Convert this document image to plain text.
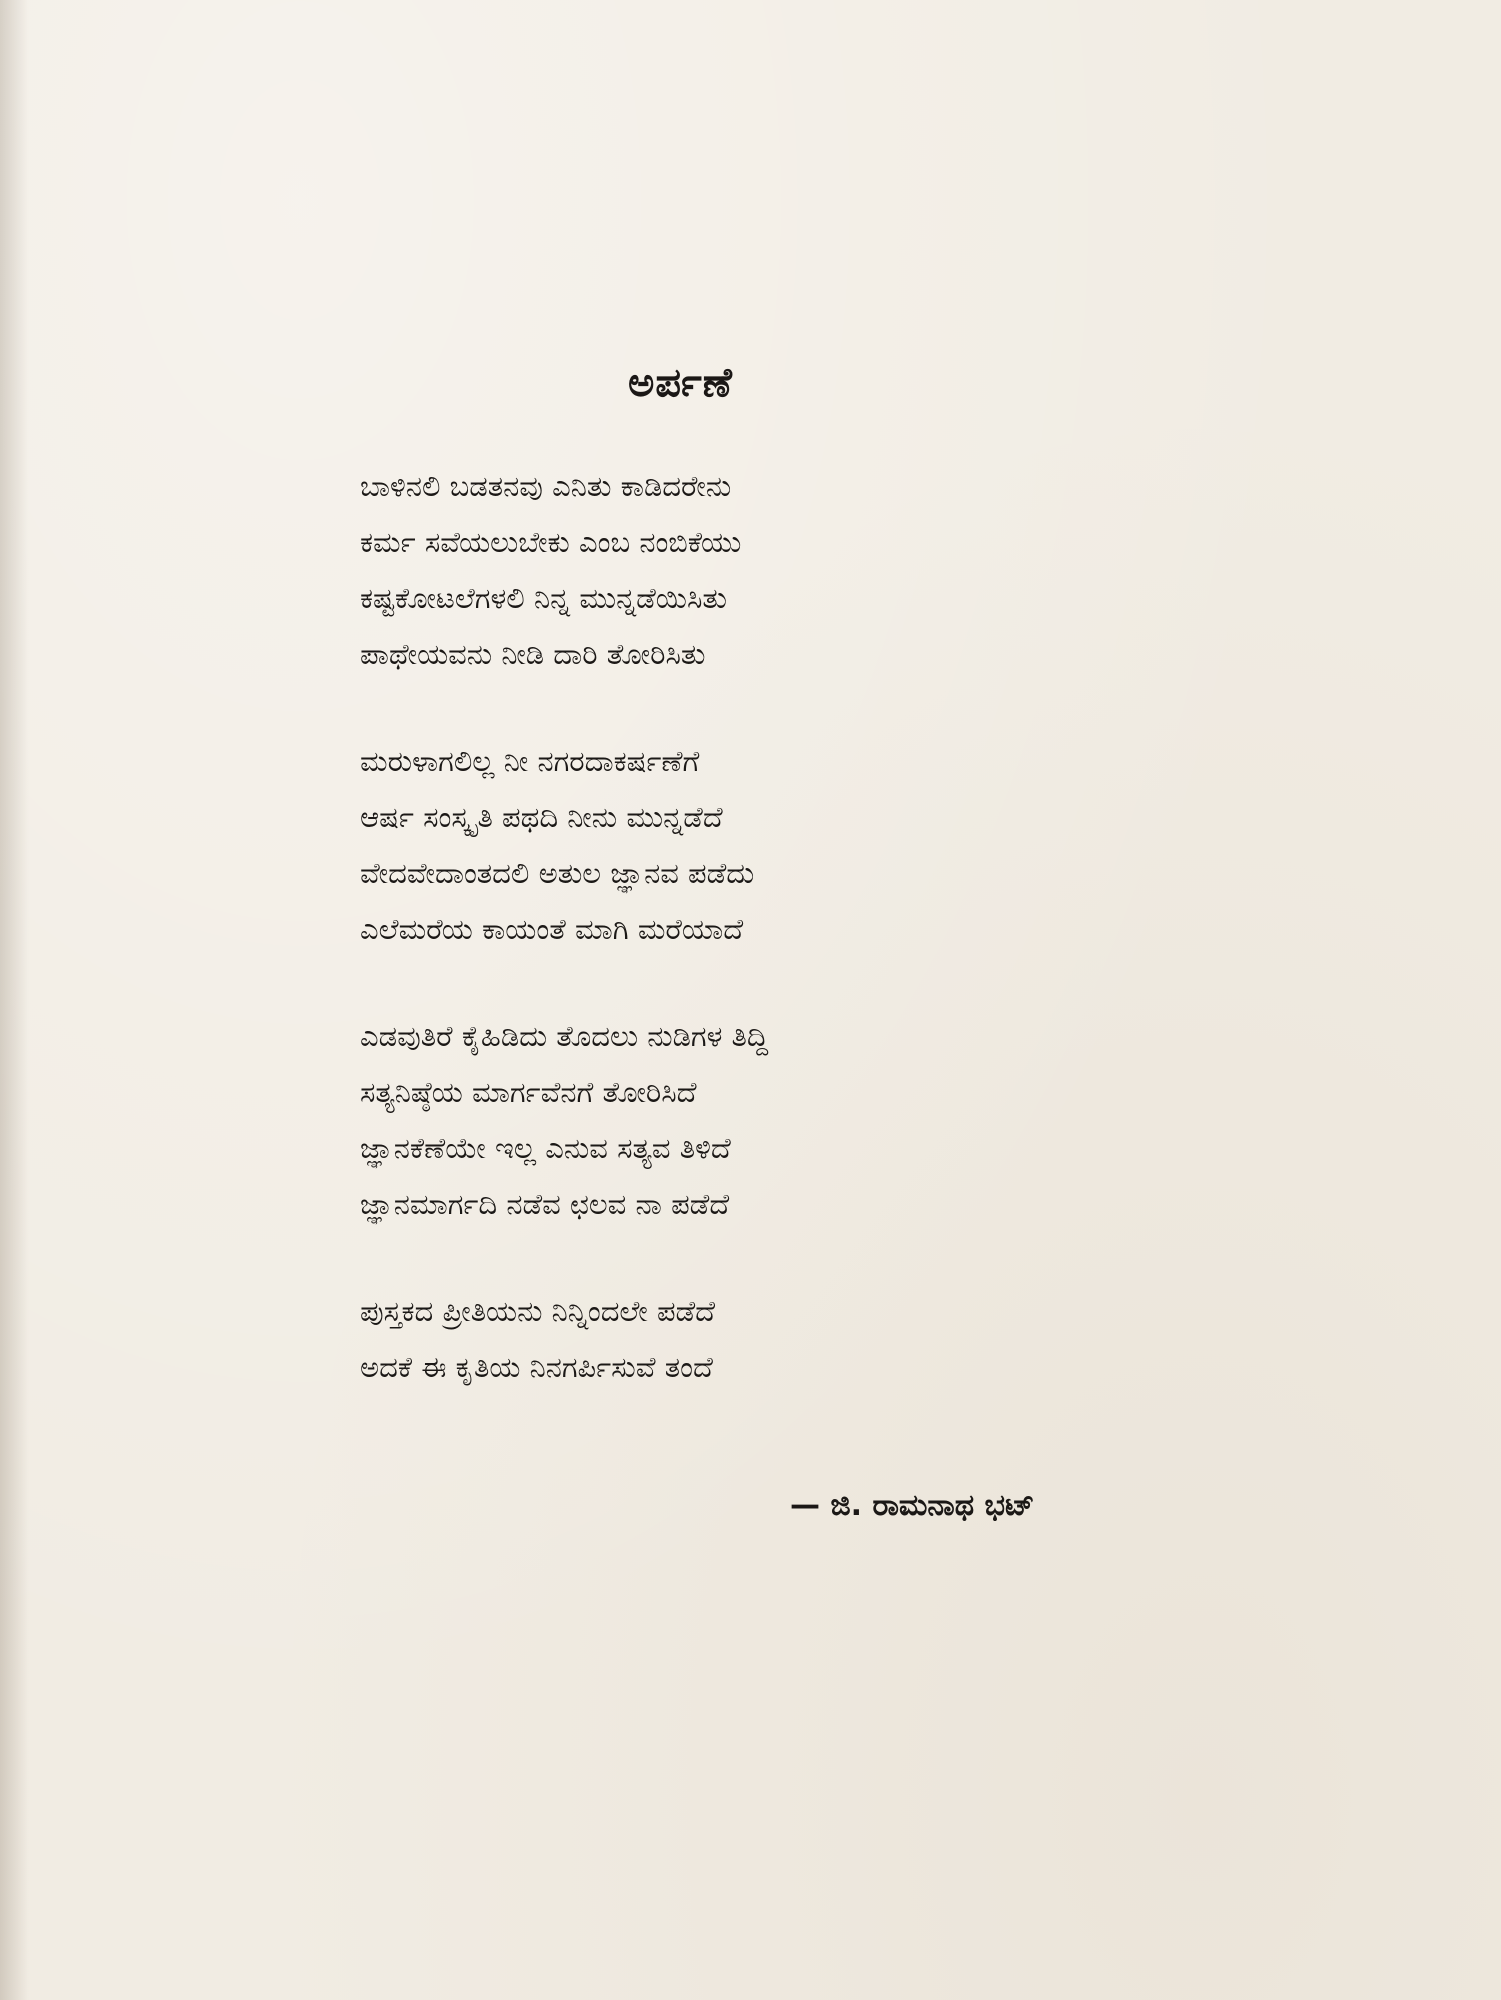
ಅರ್ಪಣೆ
ಬಾಳಿನಲಿ ಬಡತನವು ಎನಿತು ಕಾಡಿದರೇನು
ಕರ್ಮ ಸವೆಯಲುಬೇಕು ಎಂಬ ನಂಬಿಕೆಯು
ಕಷ್ಟಕೋಟಲೆಗಳಲಿ ನಿನ್ನ ಮುನ್ನಡೆಯಿಸಿತು
ಪಾಥೇಯವನು ನೀಡಿ ದಾರಿ ತೋರಿಸಿತು
ಮರುಳಾಗಲಿಲ್ಲ ನೀ ನಗರದಾಕರ್ಷಣೆಗೆ
ಆರ್ಷ ಸಂಸ್ಕೃತಿ ಪಥದಿ ನೀನು ಮುನ್ನಡೆದೆ
ವೇದವೇದಾಂತದಲಿ ಅತುಲ ಜ್ಞಾನವ ಪಡೆದು
ಎಲೆಮರೆಯ ಕಾಯಂತೆ ಮಾಗಿ ಮರೆಯಾದೆ
ಎಡವುತಿರೆ ಕೈಹಿಡಿದು ತೊದಲು ನುಡಿಗಳ ತಿದ್ದಿ
ಸತ್ಯನಿಷ್ಠೆಯ ಮಾರ್ಗವೆನಗೆ ತೋರಿಸಿದೆ
ಜ್ಞಾನಕೆಣೆಯೇ ಇಲ್ಲ ಎನುವ ಸತ್ಯವ ತಿಳಿದೆ
ಜ್ಞಾನಮಾರ್ಗದಿ ನಡೆವ ಛಲವ ನಾ ಪಡೆದೆ
ಪುಸ್ತಕದ ಪ್ರೀತಿಯನು ನಿನ್ನಿಂದಲೇ ಪಡೆದೆ
ಅದಕೆ ಈ ಕೃತಿಯ ನಿನಗರ್ಪಿಸುವೆ ತಂದೆ
— ಜಿ. ರಾಮನಾಥ ಭಟ್
